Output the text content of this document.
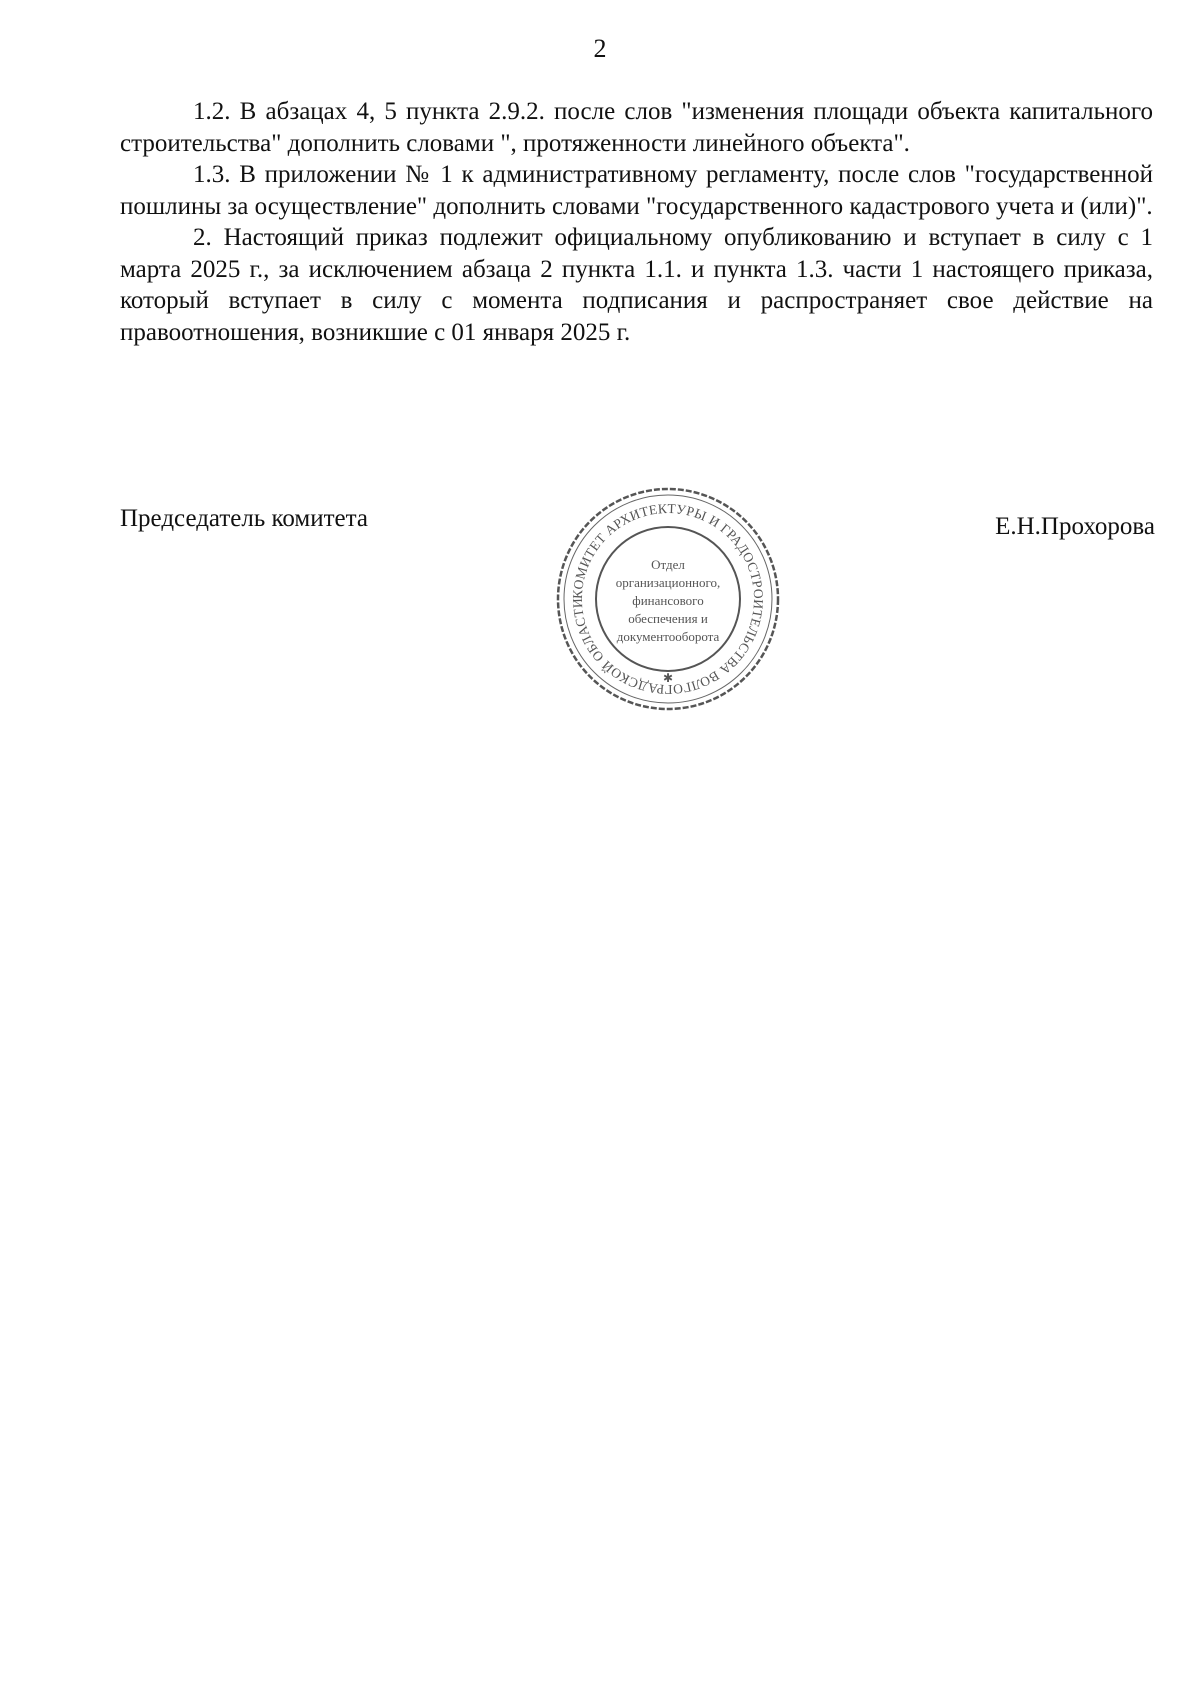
2

1.2. В абзацах 4, 5 пункта 2.9.2. после слов "изменения площади объекта капитального строительства" дополнить словами ", протяженности линейного объекта".

1.3. В приложении № 1 к административному регламенту, после слов "государственной пошлины за осуществление" дополнить словами "государственного кадастрового учета и (или)".

2. Настоящий приказ подлежит официальному опубликованию и вступает в силу с 1 марта 2025 г., за исключением абзаца 2 пункта 1.1. и пункта 1.3. части 1 настоящего приказа, который вступает в силу с момента подписания и распространяет свое действие на правоотношения, возникшие с 01 января 2025 г.

Председатель комитета	Е.Н.Прохорова
КОМИТЕТ АРХИТЕКТУРЫ И ГРАДОСТРОИТЕЛЬСТВА ВОЛГОГРАДСКОЙ ОБЛАСТИ
✱
Отдел
организационного,
финансового
обеспечения и
документооборота
